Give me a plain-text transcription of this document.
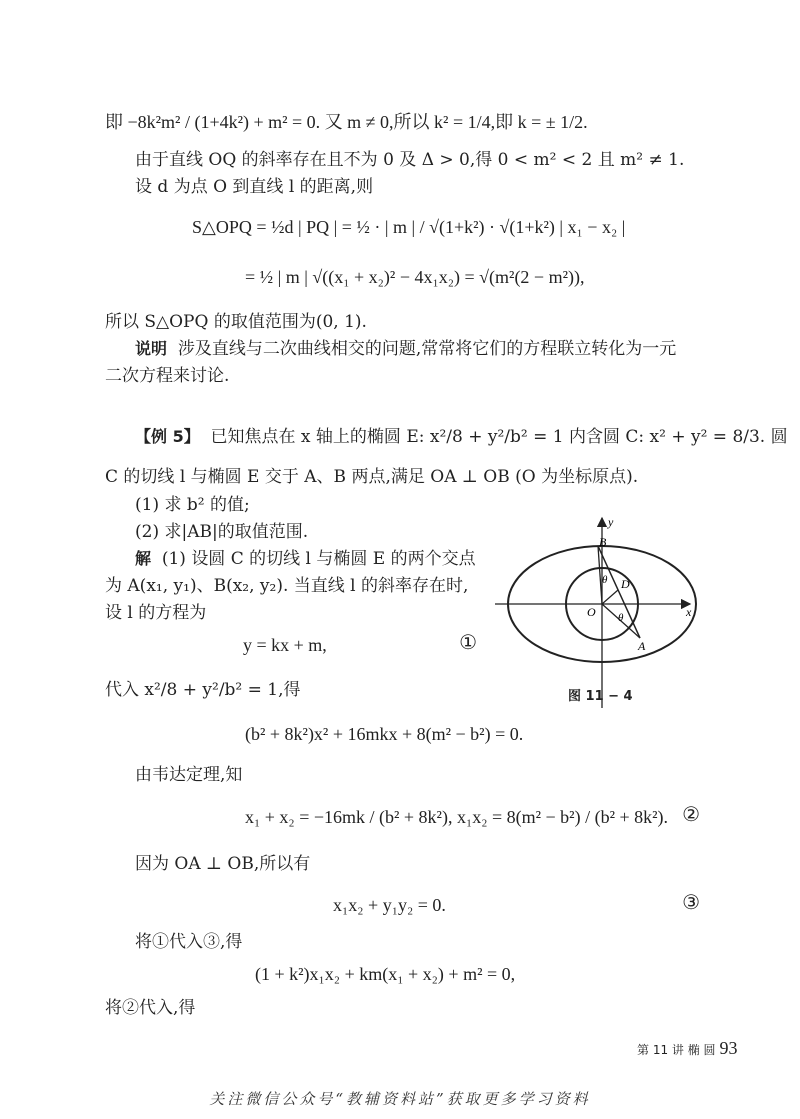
即 −8k²m² / (1+4k²) + m² = 0. 又 m ≠ 0,所以 k² = 1/4,即 k = ± 1/2.
由于直线 OQ 的斜率存在且不为 0 及 Δ > 0,得 0 < m² < 2 且 m² ≠ 1.
设 d 为点 O 到直线 l 的距离,则
S△OPQ = ½d | PQ | = ½ · | m | / √(1+k²) · √(1+k²) | x₁ − x₂ |
= ½ | m | √((x₁ + x₂)² − 4x₁x₂) = √(m²(2 − m²)),
所以 S△OPQ 的取值范围为(0, 1).
说明 涉及直线与二次曲线相交的问题,常常将它们的方程联立转化为一元
二次方程来讨论.
【例 5】 已知焦点在 x 轴上的椭圆 E: x²/8 + y²/b² = 1 内含圆 C: x² + y² = 8/3. 圆
C 的切线 l 与椭圆 E 交于 A、B 两点,满足 OA ⊥ OB (O 为坐标原点).
(1) 求 b² 的值;
(2) 求|AB|的取值范围.
解 (1) 设圆 C 的切线 l 与椭圆 E 的两个交点
为 A(x₁, y₁)、B(x₂, y₂). 当直线 l 的斜率存在时,
设 l 的方程为
y = kx + m,	①
代入 x²/8 + y²/b² = 1,得
(b² + 8k²)x² + 16mkx + 8(m² − b²) = 0.
由韦达定理,知
x₁ + x₂ = −16mk / (b² + 8k²), x₁x₂ = 8(m² − b²) / (b² + 8k²). ②
因为 OA ⊥ OB,所以有
x₁x₂ + y₁y₂ = 0.	③
将①代入③,得
(1 + k²)x₁x₂ + km(x₁ + x₂) + m² = 0,
将②代入,得
y
x
O
B
D
A
θ
θ
图 11 − 4
第 11 讲 椭 圆 93
关注微信公众号“教辅资料站”获取更多学习资料
